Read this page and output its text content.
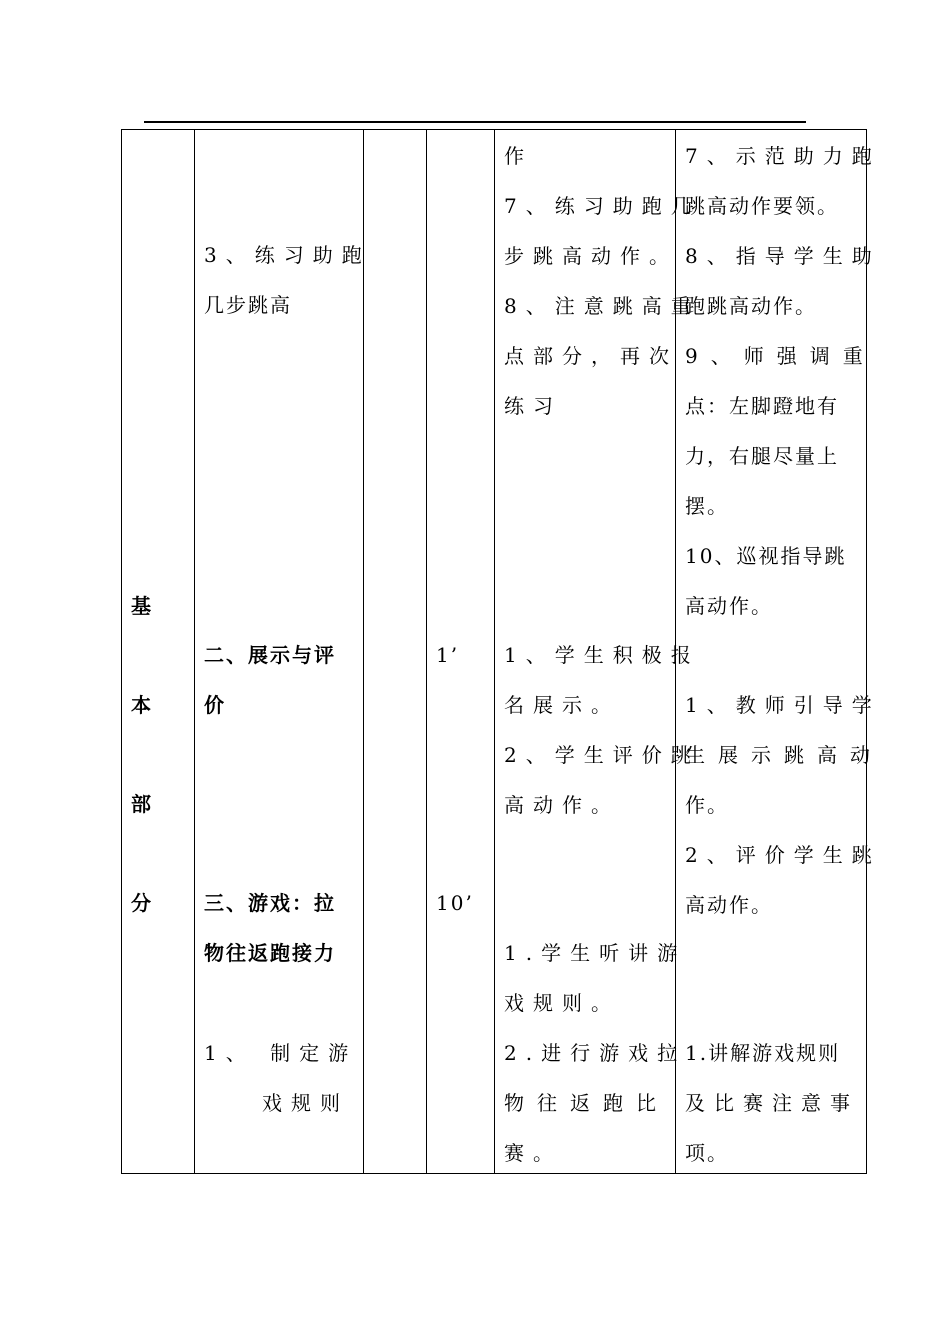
基
本
部
分
3、练习助跑
几步跳高
二、展示与评
价
三、游戏：拉
物往返跑接力
1、 制定游
戏规则
1’
10’
作
7、练习助跑几
步跳高动作。
8、注意跳高重
点部分，再次
练习
1、学生积极报
名展示。
2、学生评价跳
高动作。
1.学生听讲游
戏规则。
2.进行游戏拉
物往返跑比
赛。
7、示范助力跑
跳高动作要领。
8、指导学生助
跑跳高动作。
9、师强调重
点：左脚蹬地有
力，右腿尽量上
摆。
10、巡视指导跳
高动作。
1、教师引导学
生展示跳高动
作。
2、评价学生跳
高动作。
1.讲解游戏规则
及比赛注意事
项。
